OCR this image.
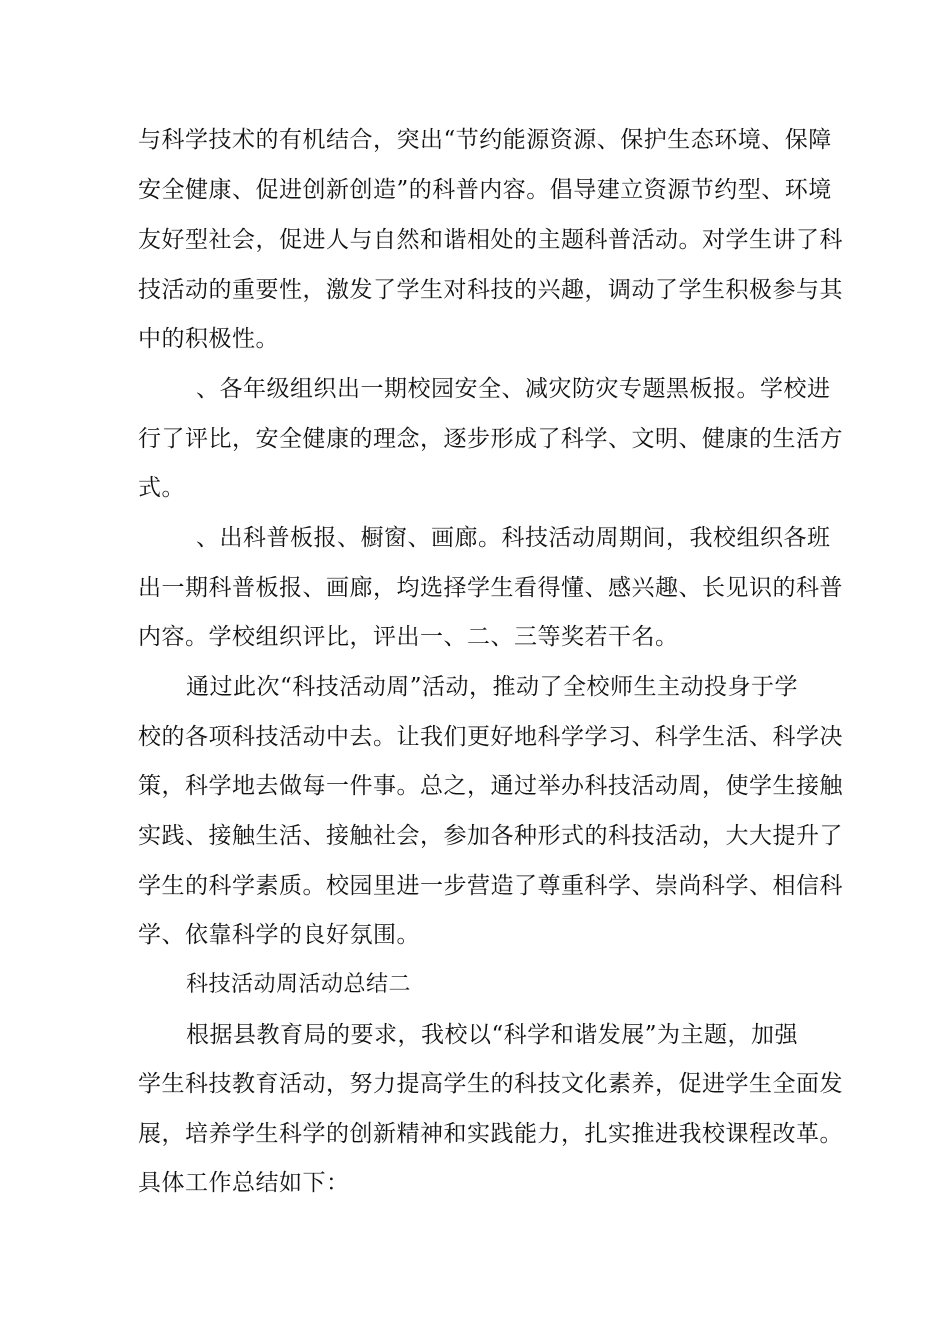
与科学技术的有机结合，突出“节约能源资源、保护生态环境、保障
安全健康、促进创新创造”的科普内容。倡导建立资源节约型、环境
友好型社会，促进人与自然和谐相处的主题科普活动。对学生讲了科
技活动的重要性，激发了学生对科技的兴趣，调动了学生积极参与其
中的积极性。
、各年级组织出一期校园安全、减灾防灾专题黑板报。学校进
行了评比，安全健康的理念，逐步形成了科学、文明、健康的生活方
式。
、出科普板报、橱窗、画廊。科技活动周期间，我校组织各班
出一期科普板报、画廊，均选择学生看得懂、感兴趣、长见识的科普
内容。学校组织评比，评出一、二、三等奖若干名。
通过此次“科技活动周”活动，推动了全校师生主动投身于学
校的各项科技活动中去。让我们更好地科学学习、科学生活、科学决
策，科学地去做每一件事。总之，通过举办科技活动周，使学生接触
实践、接触生活、接触社会，参加各种形式的科技活动，大大提升了
学生的科学素质。校园里进一步营造了尊重科学、崇尚科学、相信科
学、依靠科学的良好氛围。
科技活动周活动总结二
根据县教育局的要求，我校以“科学和谐发展”为主题，加强
学生科技教育活动，努力提高学生的科技文化素养，促进学生全面发
展，培养学生科学的创新精神和实践能力，扎实推进我校课程改革。
具体工作总结如下：
